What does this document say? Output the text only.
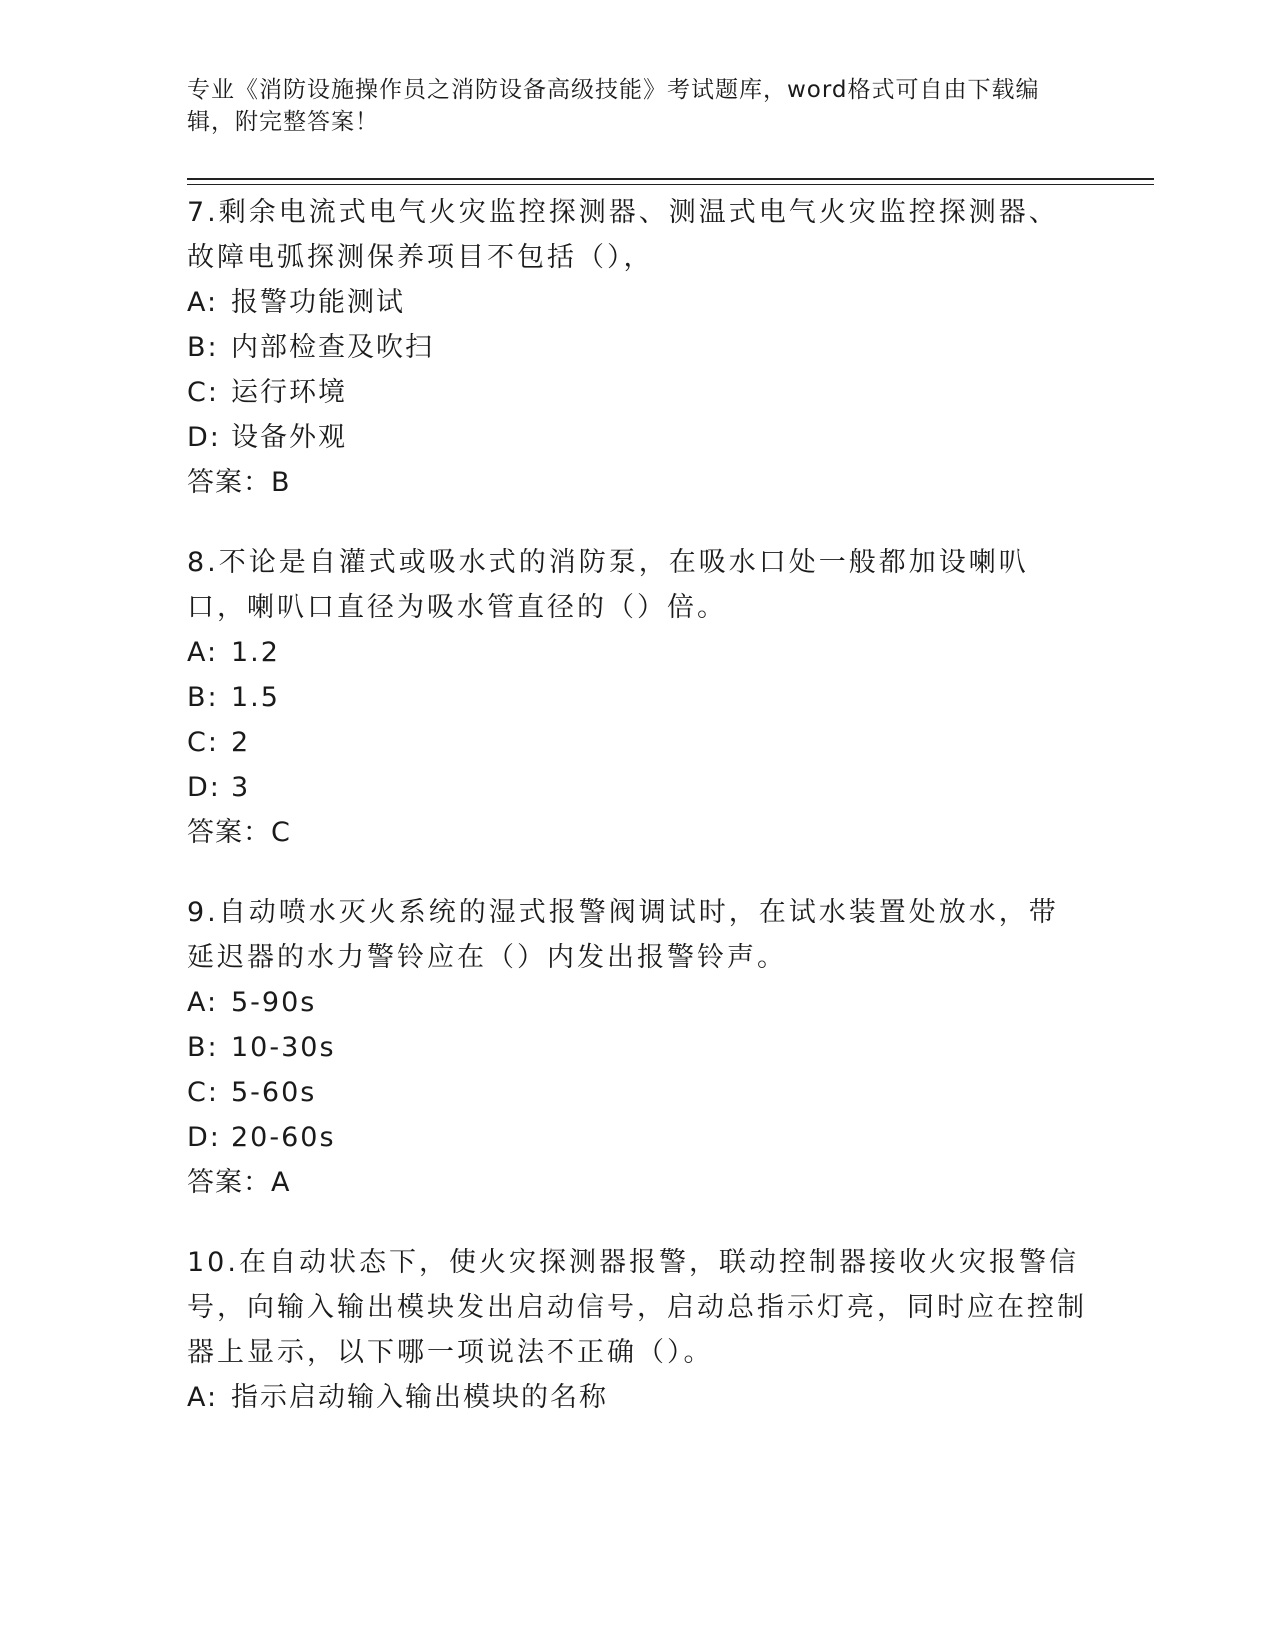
专业《消防设施操作员之消防设备高级技能》考试题库，word格式可自由下载编辑，附完整答案！

7.剩余电流式电气火灾监控探测器、测温式电气火灾监控探测器、故障电弧探测保养项目不包括（），

A: 报警功能测试

B: 内部检查及吹扫

C: 运行环境

D: 设备外观

答案：B

8.不论是自灌式或吸水式的消防泵，在吸水口处一般都加设喇叭口，喇叭口直径为吸水管直径的（）倍。

A: 1.2

B: 1.5

C: 2

D: 3

答案：C

9.自动喷水灭火系统的湿式报警阀调试时，在试水装置处放水，带延迟器的水力警铃应在（）内发出报警铃声。

A: 5-90s

B: 10-30s

C: 5-60s

D: 20-60s

答案：A

10.在自动状态下，使火灾探测器报警，联动控制器接收火灾报警信号，向输入输出模块发出启动信号，启动总指示灯亮，同时应在控制器上显示，以下哪一项说法不正确（）。

A: 指示启动输入输出模块的名称
